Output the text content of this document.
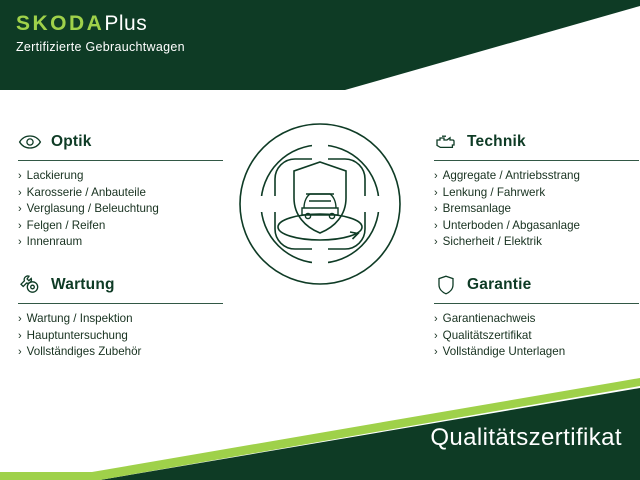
SKODAPlus
Zertifizierte Gebrauchtwagen
Optik
› Lackierung
› Karosserie / Anbauteile
› Verglasung / Beleuchtung
› Felgen / Reifen
› Innenraum
Wartung
› Wartung / Inspektion
› Hauptuntersuchung
› Vollständiges Zubehör
Technik
› Aggregate / Antriebsstrang
› Lenkung / Fahrwerk
› Bremsanlage
› Unterboden / Abgasanlage
› Sicherheit / Elektrik
Garantie
› Garantienachweis
› Qualitätszertifikat
› Vollständige Unterlagen
Qualitätszertifikat
